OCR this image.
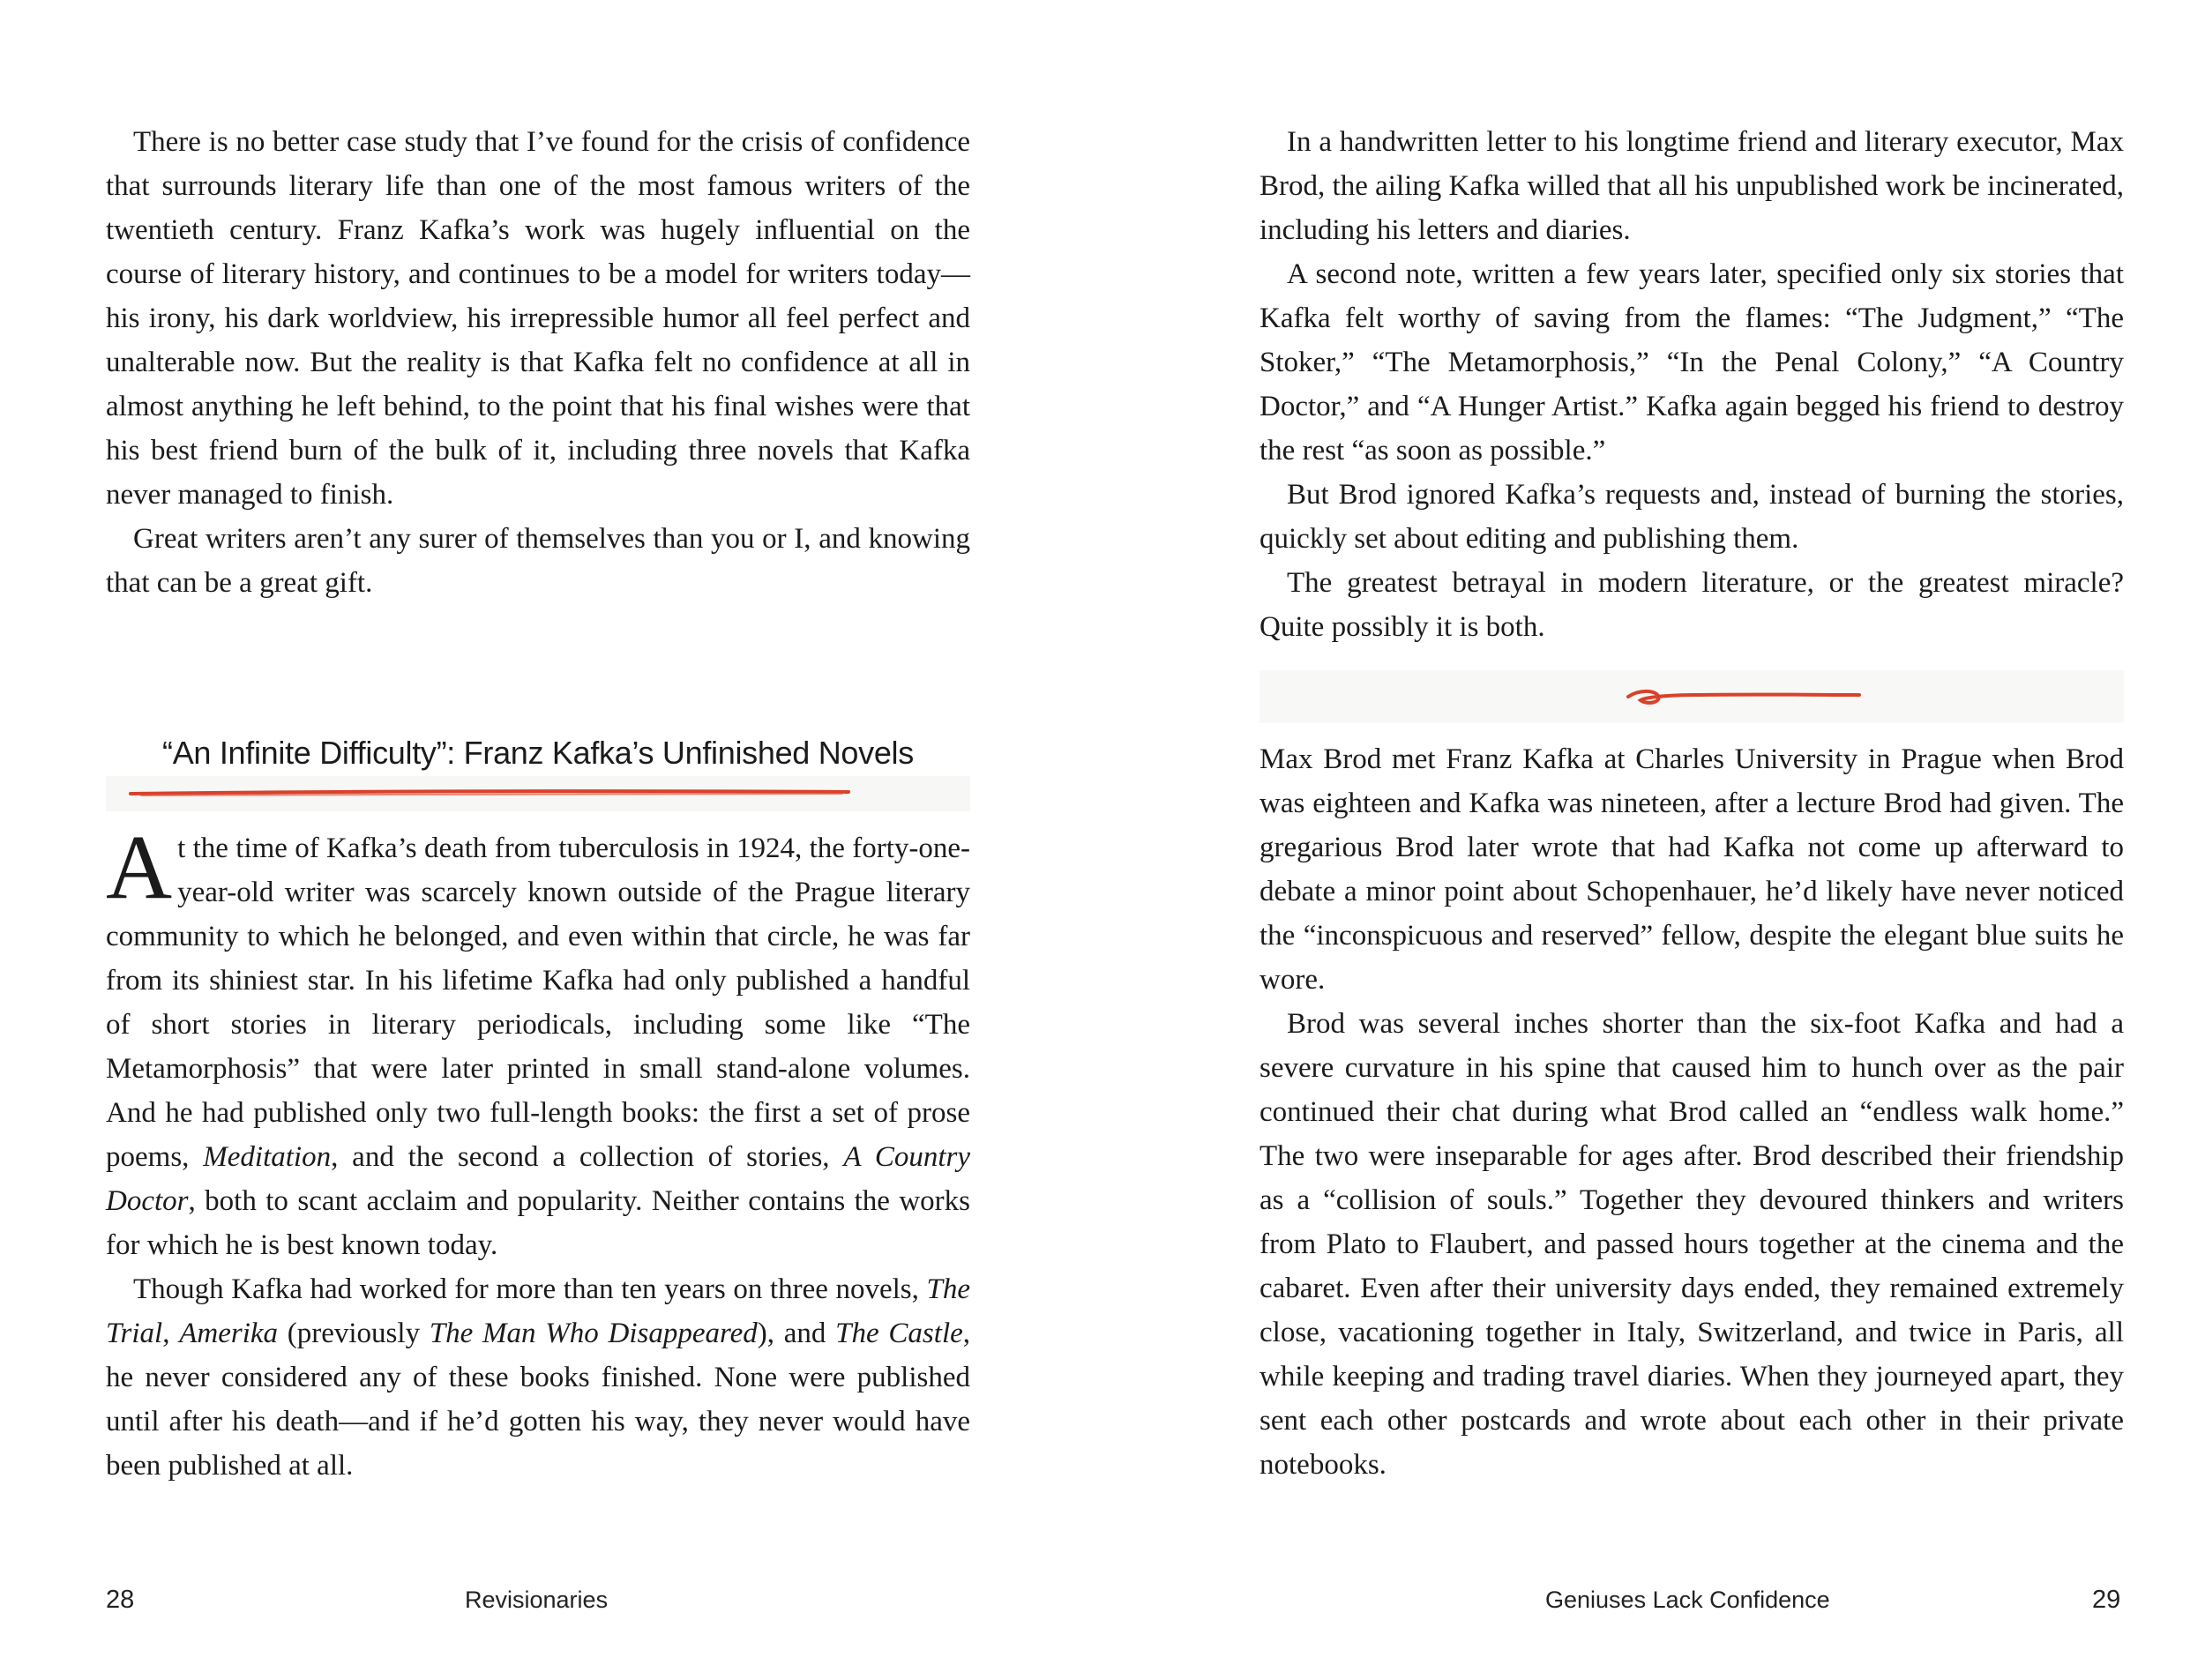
There is no better case study that I’ve found for the crisis of confidence that surrounds literary life than one of the most famous writers of the twentieth century. Franz Kafka’s work was hugely influential on the course of literary history, and continues to be a model for writers today—his irony, his dark worldview, his irrepressible humor all feel perfect and unalterable now. But the reality is that Kafka felt no confidence at all in almost anything he left behind, to the point that his final wishes were that his best friend burn of the bulk of it, including three novels that Kafka never managed to finish.

Great writers aren’t any surer of themselves than you or I, and knowing that can be a great gift.

“An Infinite Difficulty”: Franz Kafka’s Unfinished Novels

At the time of Kafka’s death from tuberculosis in 1924, the forty-one-year-old writer was scarcely known outside of the Prague literary community to which he belonged, and even within that circle, he was far from its shiniest star. In his lifetime Kafka had only published a handful of short stories in literary periodicals, including some like “The Metamorphosis” that were later printed in small stand-alone volumes. And he had published only two full-length books: the first a set of prose poems, Meditation, and the second a collection of stories, A Country Doctor, both to scant acclaim and popularity. Neither contains the works for which he is best known today.

Though Kafka had worked for more than ten years on three novels, The Trial, Amerika (previously The Man Who Disappeared), and The Castle, he never considered any of these books finished. None were published until after his death—and if he’d gotten his way, they never would have been published at all.

28	Revisionaries

In a handwritten letter to his longtime friend and literary executor, Max Brod, the ailing Kafka willed that all his unpublished work be incinerated, including his letters and diaries.

A second note, written a few years later, specified only six stories that Kafka felt worthy of saving from the flames: “The Judgment,” “The Stoker,” “The Metamorphosis,” “In the Penal Colony,” “A Country Doctor,” and “A Hunger Artist.” Kafka again begged his friend to destroy the rest “as soon as possible.”

But Brod ignored Kafka’s requests and, instead of burning the stories, quickly set about editing and publishing them.

The greatest betrayal in modern literature, or the greatest miracle? Quite possibly it is both.

Max Brod met Franz Kafka at Charles University in Prague when Brod was eighteen and Kafka was nineteen, after a lecture Brod had given. The gregarious Brod later wrote that had Kafka not come up afterward to debate a minor point about Schopenhauer, he’d likely have never noticed the “inconspicuous and reserved” fellow, despite the elegant blue suits he wore.

Brod was several inches shorter than the six-foot Kafka and had a severe curvature in his spine that caused him to hunch over as the pair continued their chat during what Brod called an “endless walk home.” The two were inseparable for ages after. Brod described their friendship as a “collision of souls.” Together they devoured thinkers and writers from Plato to Flaubert, and passed hours together at the cinema and the cabaret. Even after their university days ended, they remained extremely close, vacationing together in Italy, Switzerland, and twice in Paris, all while keeping and trading travel diaries. When they journeyed apart, they sent each other postcards and wrote about each other in their private notebooks.

Geniuses Lack Confidence	29
